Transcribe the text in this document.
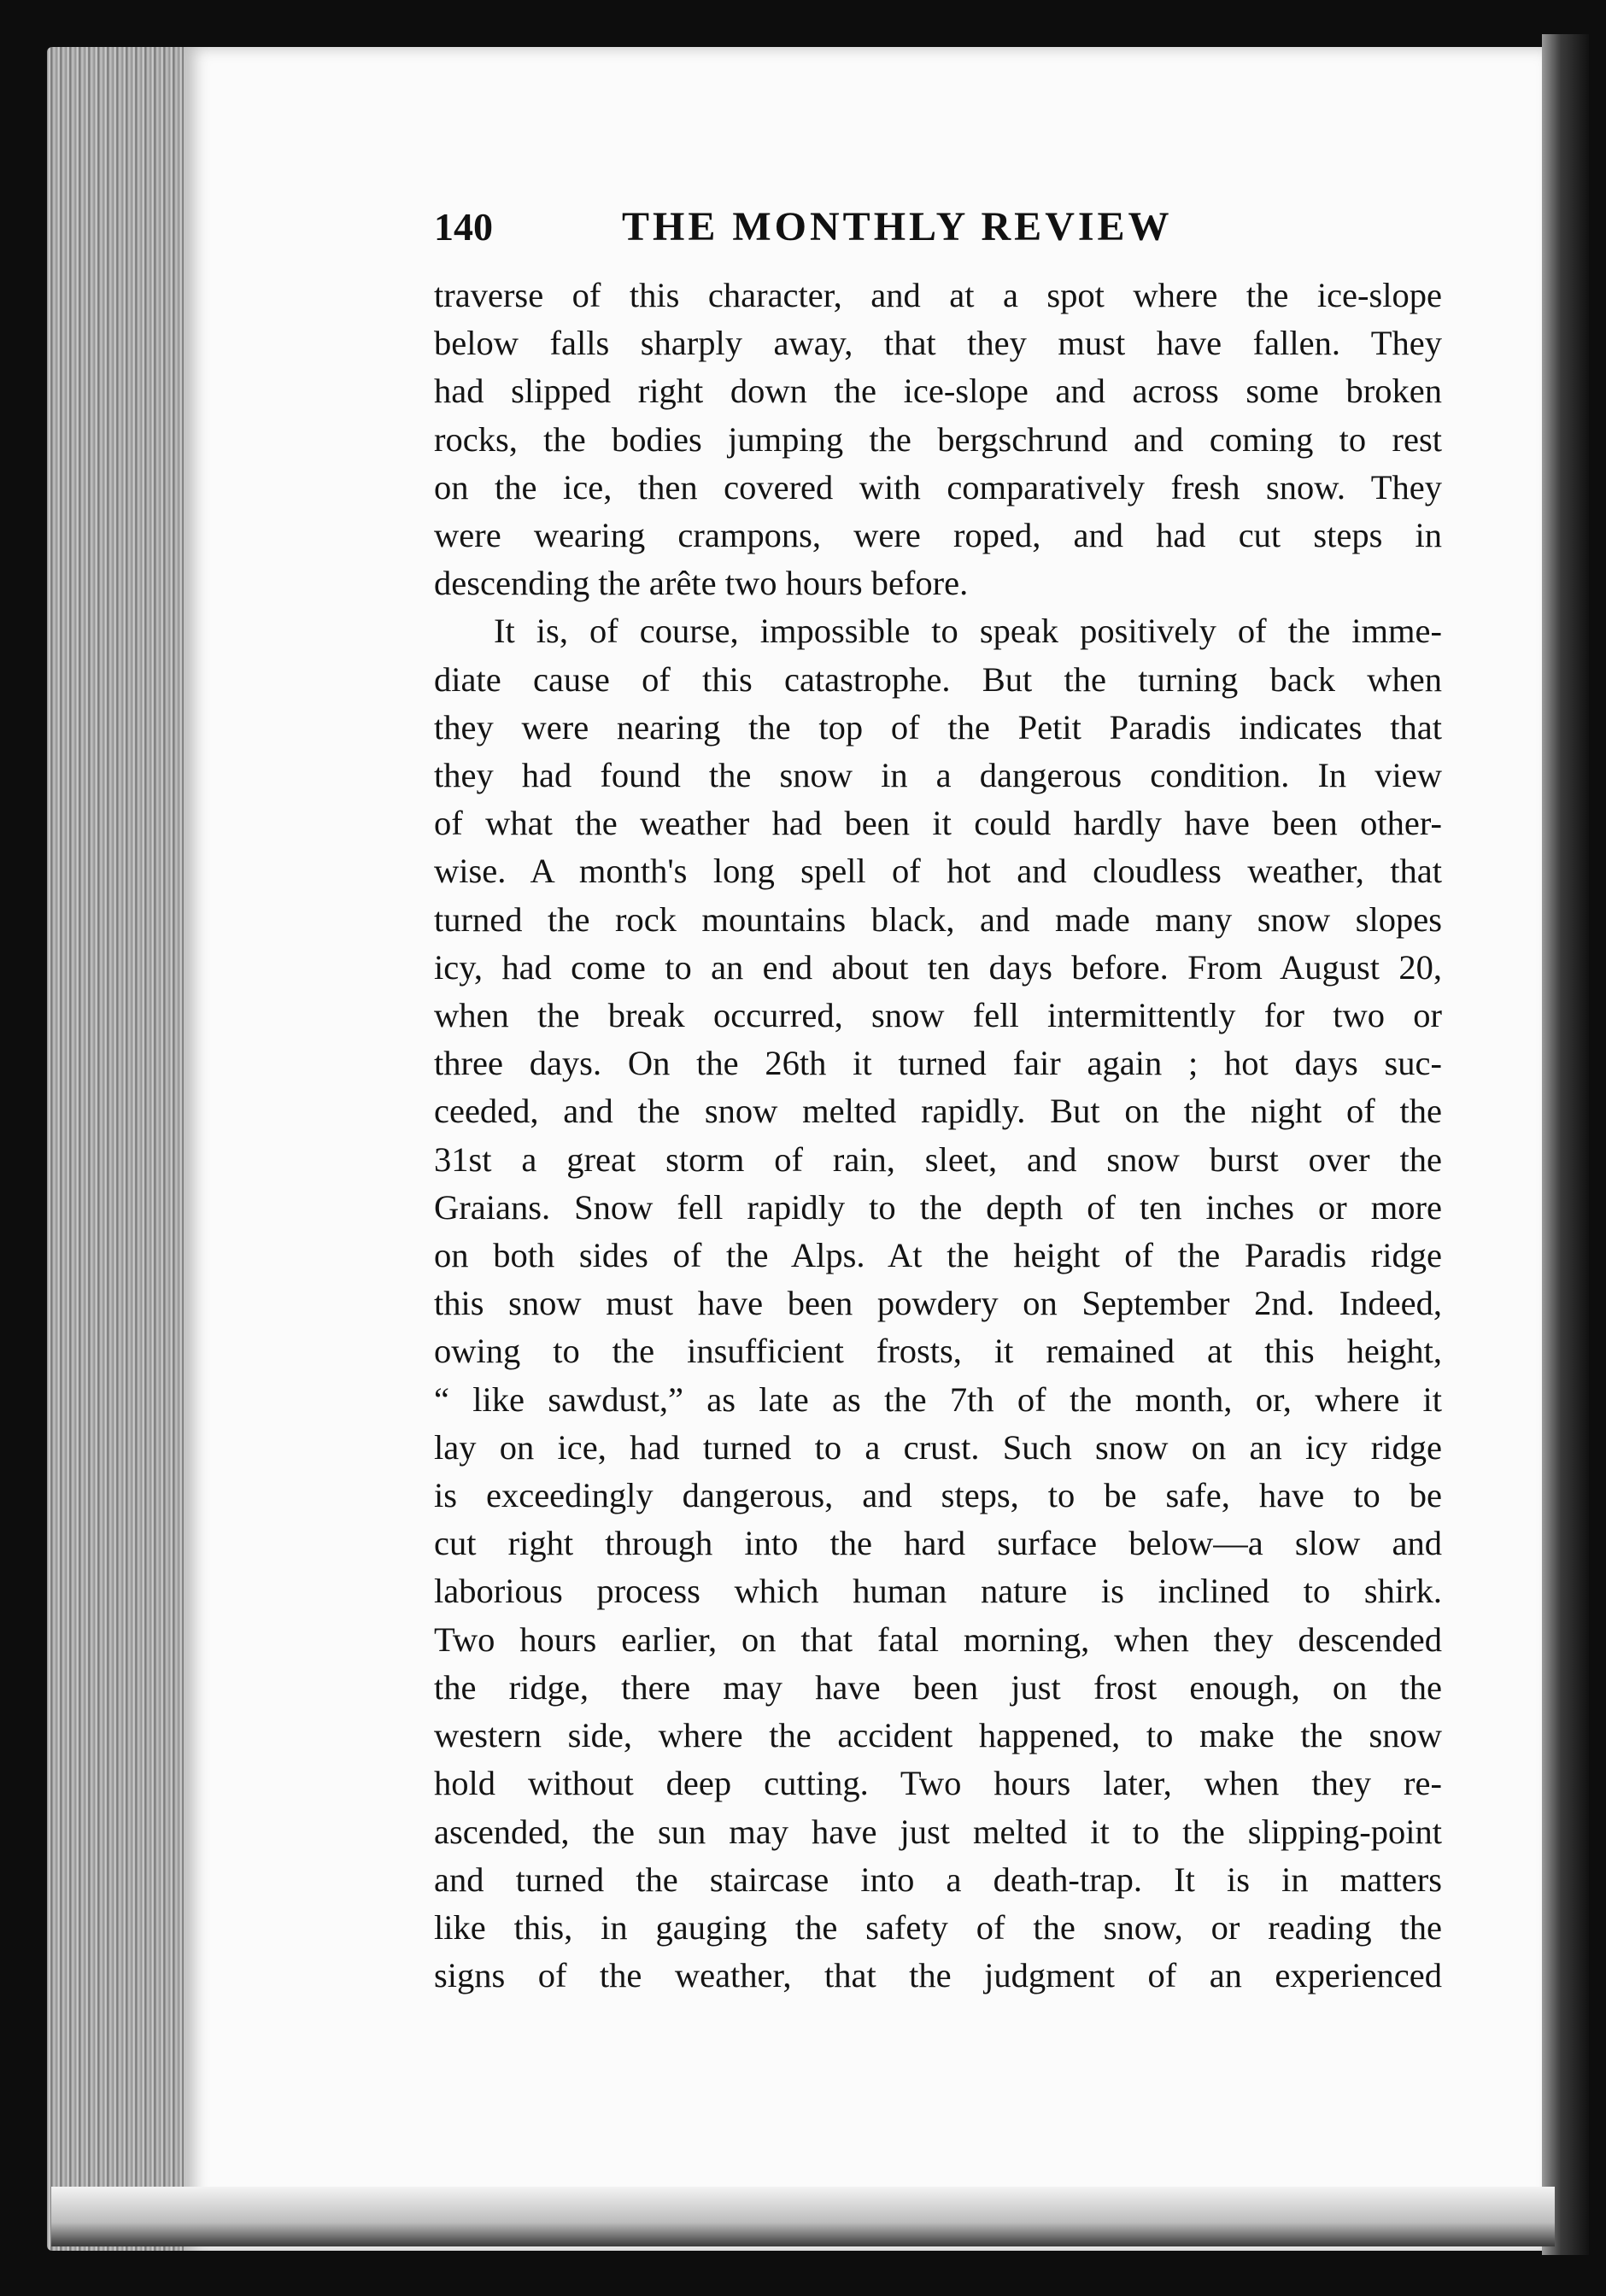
140	THE MONTHLY REVIEW
traverse of this character, and at a spot where the ice-slope
below falls sharply away, that they must have fallen. They
had slipped right down the ice-slope and across some broken
rocks, the bodies jumping the bergschrund and coming to rest
on the ice, then covered with comparatively fresh snow. They
were wearing crampons, were roped, and had cut steps in
descending the arête two hours before.
It is, of course, impossible to speak positively of the imme-
diate cause of this catastrophe. But the turning back when
they were nearing the top of the Petit Paradis indicates that
they had found the snow in a dangerous condition. In view
of what the weather had been it could hardly have been other-
wise. A month's long spell of hot and cloudless weather, that
turned the rock mountains black, and made many snow slopes
icy, had come to an end about ten days before. From August 20,
when the break occurred, snow fell intermittently for two or
three days. On the 26th it turned fair again ; hot days suc-
ceeded, and the snow melted rapidly. But on the night of the
31st a great storm of rain, sleet, and snow burst over the
Graians. Snow fell rapidly to the depth of ten inches or more
on both sides of the Alps. At the height of the Paradis ridge
this snow must have been powdery on September 2nd. Indeed,
owing to the insufficient frosts, it remained at this height,
“ like sawdust,” as late as the 7th of the month, or, where it
lay on ice, had turned to a crust. Such snow on an icy ridge
is exceedingly dangerous, and steps, to be safe, have to be
cut right through into the hard surface below—a slow and
laborious process which human nature is inclined to shirk.
Two hours earlier, on that fatal morning, when they descended
the ridge, there may have been just frost enough, on the
western side, where the accident happened, to make the snow
hold without deep cutting. Two hours later, when they re-
ascended, the sun may have just melted it to the slipping-point
and turned the staircase into a death-trap. It is in matters
like this, in gauging the safety of the snow, or reading the
signs of the weather, that the judgment of an experienced
